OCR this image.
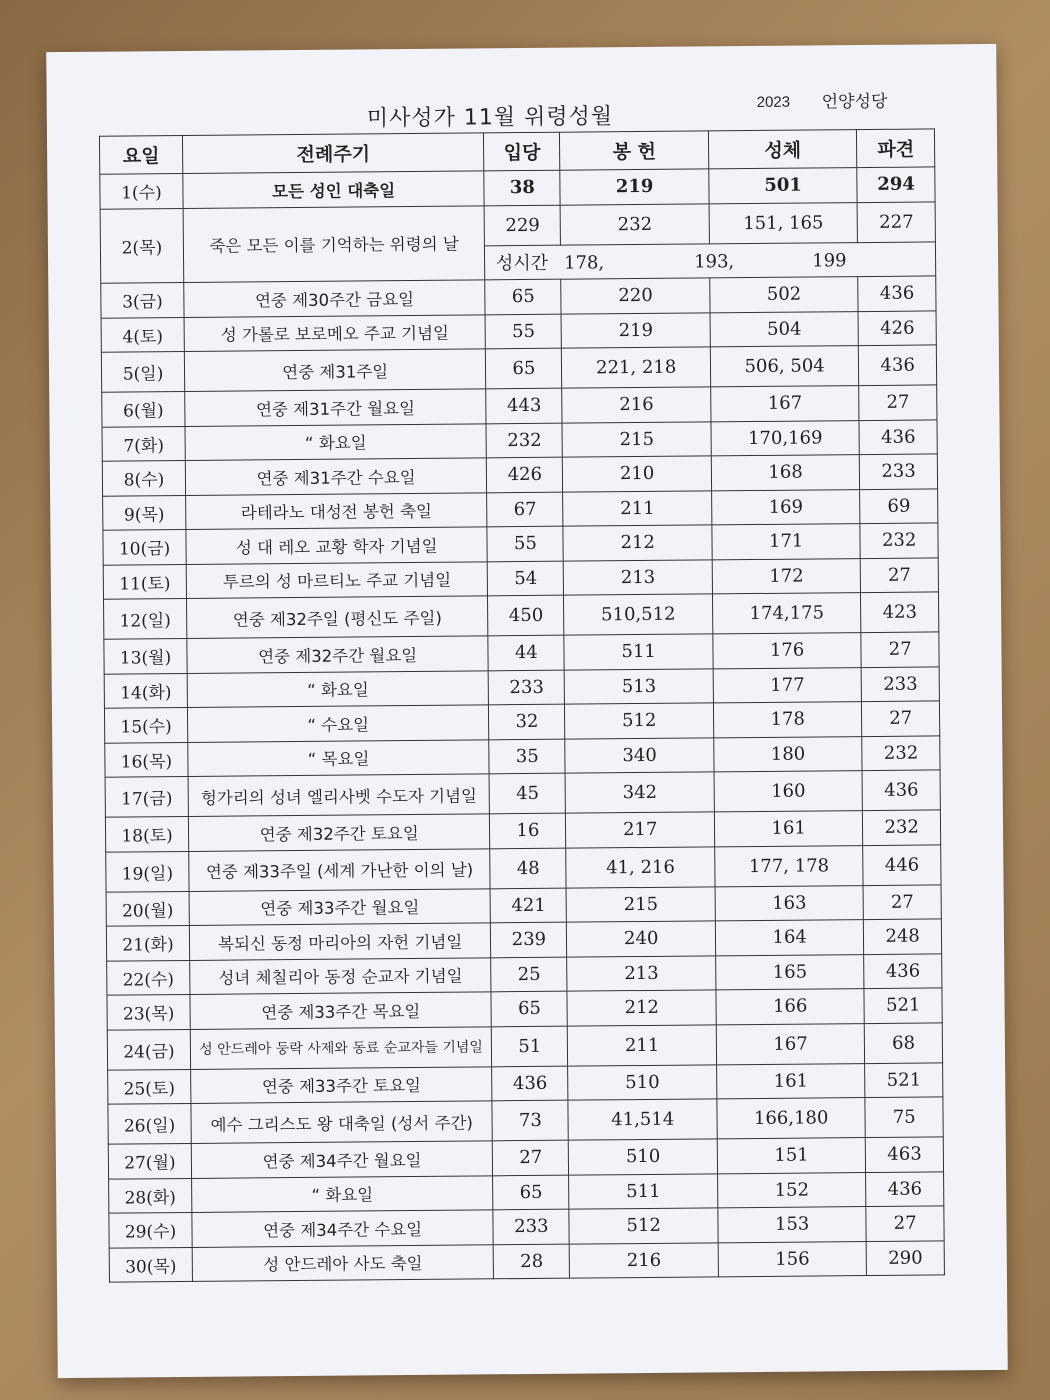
미사성가 11월 위령성월
2023 언양성당
요일	전례주기	입당	봉 헌	성체	파견
1(수)	모든 성인 대축일	38	219	501	294
2(목)	죽은 모든 이를 기억하는 위령의 날	229	232	151, 165	227
		성시간 178, 193, 199			
3(금)	연중 제30주간 금요일	65	220	502	436
4(토)	성 가롤로 보로메오 주교 기념일	55	219	504	426
5(일)	연중 제31주일	65	221, 218	506, 504	436
6(월)	연중 제31주간 월요일	443	216	167	27
7(화)	“ 화요일	232	215	170,169	436
8(수)	연중 제31주간 수요일	426	210	168	233
9(목)	라테라노 대성전 봉헌 축일	67	211	169	69
10(금)	성 대 레오 교황 학자 기념일	55	212	171	232
11(토)	투르의 성 마르티노 주교 기념일	54	213	172	27
12(일)	연중 제32주일 (평신도 주일)	450	510,512	174,175	423
13(월)	연중 제32주간 월요일	44	511	176	27
14(화)	“ 화요일	233	513	177	233
15(수)	“ 수요일	32	512	178	27
16(목)	“ 목요일	35	340	180	232
17(금)	헝가리의 성녀 엘리사벳 수도자 기념일	45	342	160	436
18(토)	연중 제32주간 토요일	16	217	161	232
19(일)	연중 제33주일 (세계 가난한 이의 날)	48	41, 216	177, 178	446
20(월)	연중 제33주간 월요일	421	215	163	27
21(화)	복되신 동정 마리아의 자헌 기념일	239	240	164	248
22(수)	성녀 체칠리아 동정 순교자 기념일	25	213	165	436
23(목)	연중 제33주간 목요일	65	212	166	521
24(금)	성 안드레아 둥락 사제와 동료 순교자들 기념일	51	211	167	68
25(토)	연중 제33주간 토요일	436	510	161	521
26(일)	예수 그리스도 왕 대축일 (성서 주간)	73	41,514	166,180	75
27(월)	연중 제34주간 월요일	27	510	151	463
28(화)	“ 화요일	65	511	152	436
29(수)	연중 제34주간 수요일	233	512	153	27
30(목)	성 안드레아 사도 축일	28	216	156	290
